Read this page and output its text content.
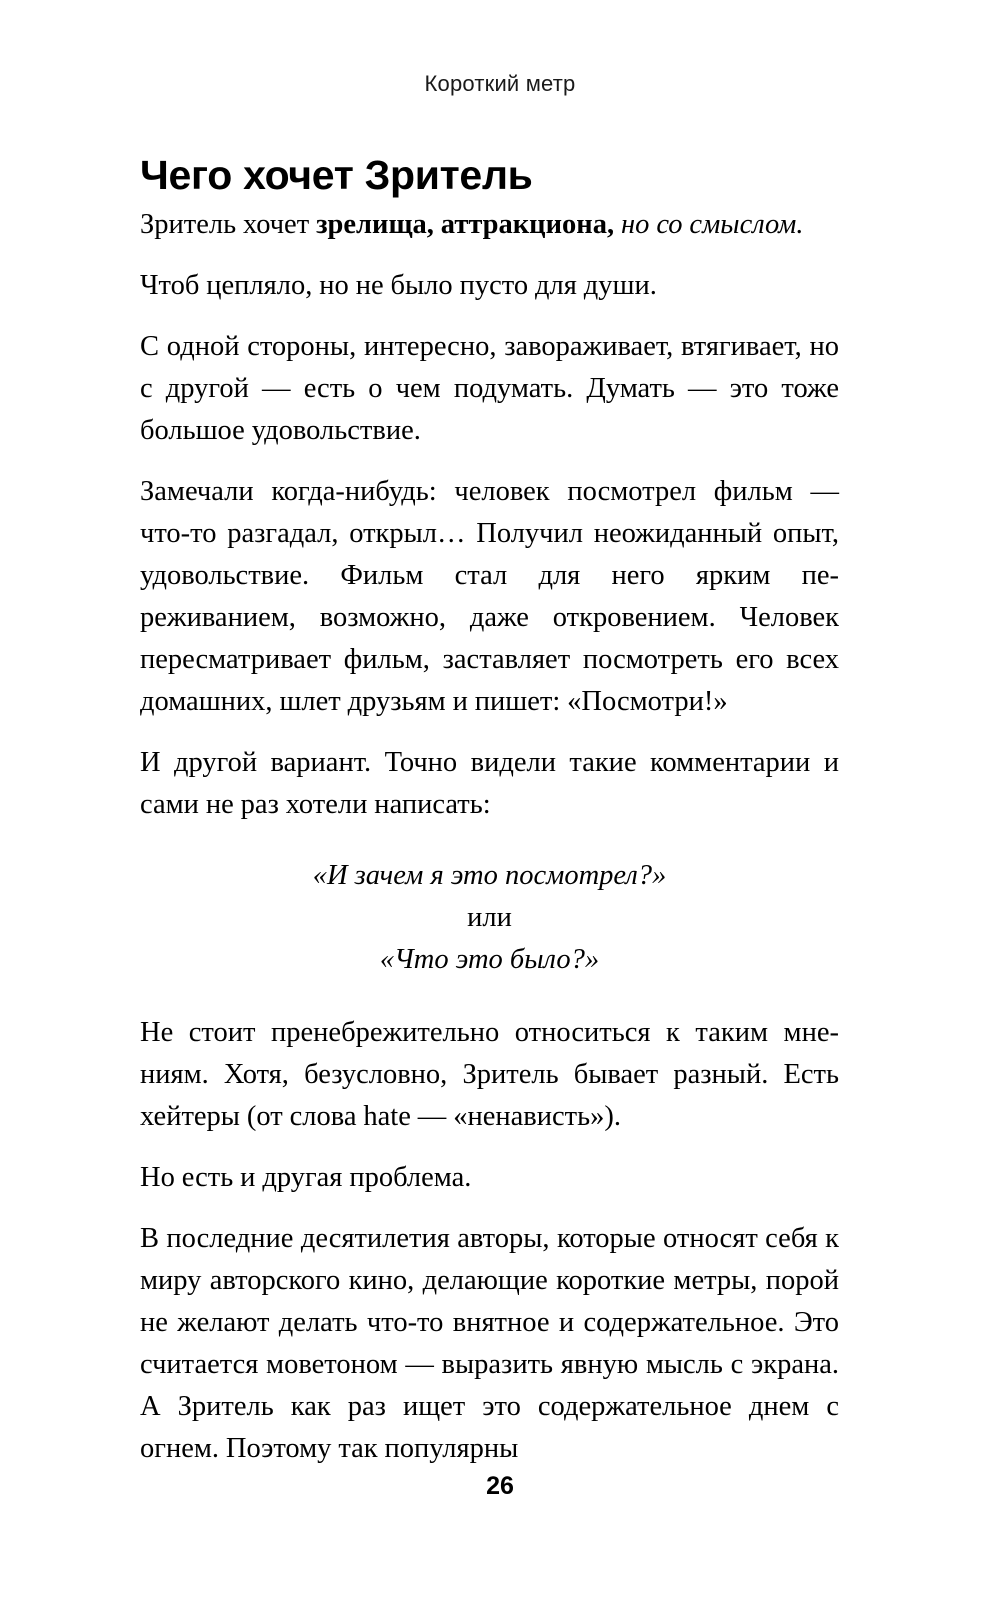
Короткий метр
Чего хочет Зритель

Зритель хочет зрелища, аттракциона, но со смыслом.

Чтоб цепляло, но не было пусто для души.

С одной стороны, интересно, завораживает, втягивает, но с другой — есть о чем подумать. Думать — это тоже большое удовольствие.

Замечали когда-нибудь: человек посмотрел фильм — что-то разгадал, открыл… Получил неожиданный опыт, удовольствие. Фильм стал для него ярким переживанием, возможно, даже откровением. Человек пересматривает фильм, заставляет посмотреть его всех домашних, шлет друзьям и пишет: «Посмотри!»

И другой вариант. Точно видели такие комментарии и сами не раз хотели написать:

«И зачем я это посмотрел?»
или
«Что это было?»

Не стоит пренебрежительно относиться к таким мнениям. Хотя, безусловно, Зритель бывает разный. Есть хейтеры (от слова hate — «ненависть»).

Но есть и другая проблема.

В последние десятилетия авторы, которые относят себя к миру авторского кино, делающие короткие метры, порой не желают делать что-то внятное и содержательное. Это считается моветоном — выразить явную мысль с экрана. А Зритель как раз ищет это содержательное днем с огнем. Поэтому так популярны

26
